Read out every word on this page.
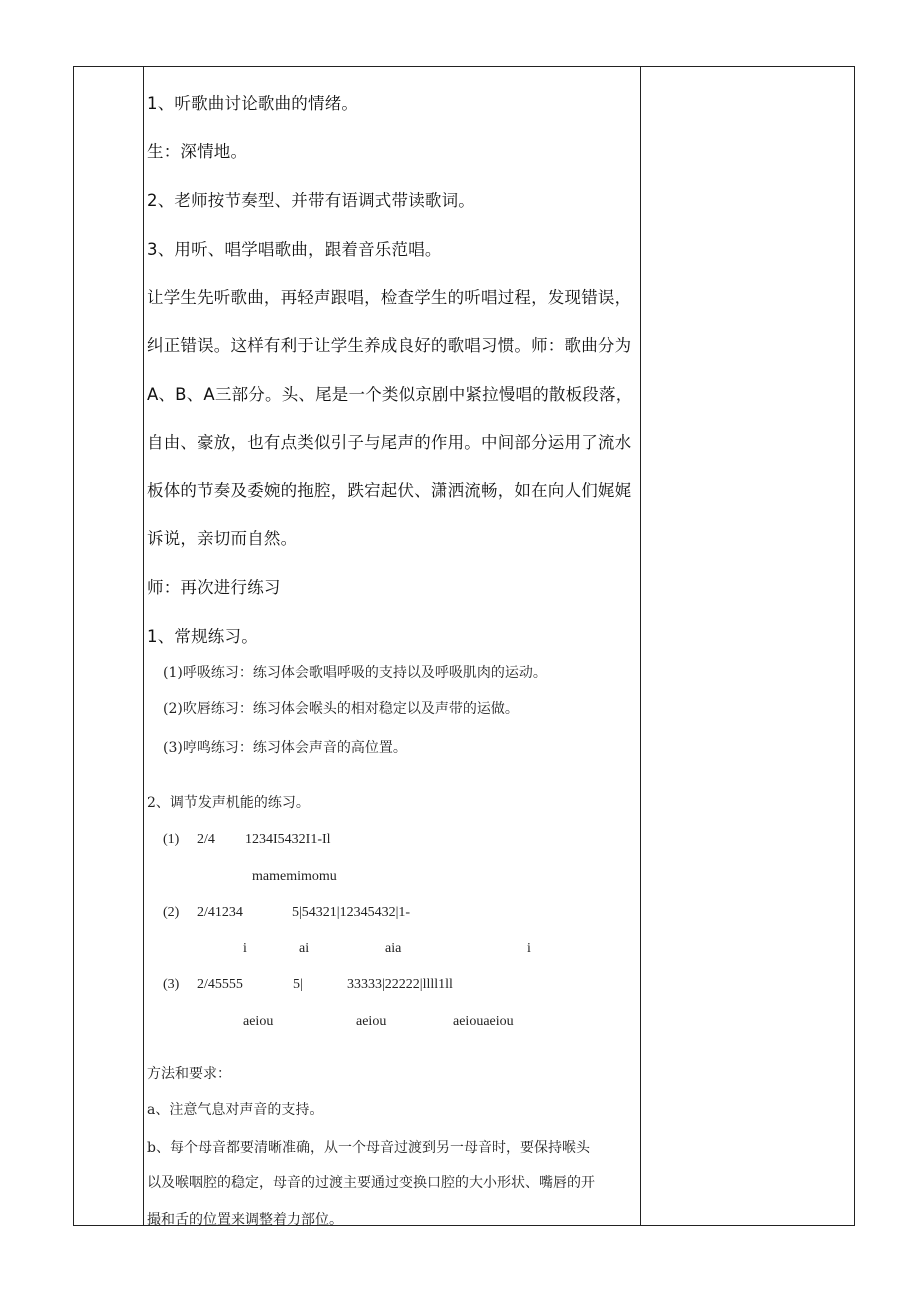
1、听歌曲讨论歌曲的情绪。
生：深情地。
2、老师按节奏型、并带有语调式带读歌词。
3、用听、唱学唱歌曲，跟着音乐范唱。
让学生先听歌曲，再轻声跟唱，检查学生的听唱过程，发现错误，
纠正错误。这样有利于让学生养成良好的歌唱习惯。师：歌曲分为
A、B、A三部分。头、尾是一个类似京剧中紧拉慢唱的散板段落，
自由、豪放，也有点类似引子与尾声的作用。中间部分运用了流水
板体的节奏及委婉的拖腔，跌宕起伏、潇洒流畅，如在向人们娓娓
诉说，亲切而自然。
师：再次进行练习
1、常规练习。
(1)呼吸练习：练习体会歌唱呼吸的支持以及呼吸肌肉的运动。
(2)吹唇练习：练习体会喉头的相对稳定以及声带的运做。
(3)哼鸣练习：练习体会声音的高位置。
2、调节发声机能的练习。
(1) 2/4 1234I5432I1-Il
mamemimomu
(2) 2/41234	5|54321|12345432|1-
i	ai	aia	i
(3) 2/45555	5|	33333|22222|llll1ll
aeiou	aeiou	aeiouaeiou
方法和要求：
a、注意气息对声音的支持。
b、每个母音都要清晰准确，从一个母音过渡到另一母音时，要保持喉头
以及喉咽腔的稳定，母音的过渡主要通过变换口腔的大小形状、嘴唇的开
撮和舌的位置来调整着力部位。
